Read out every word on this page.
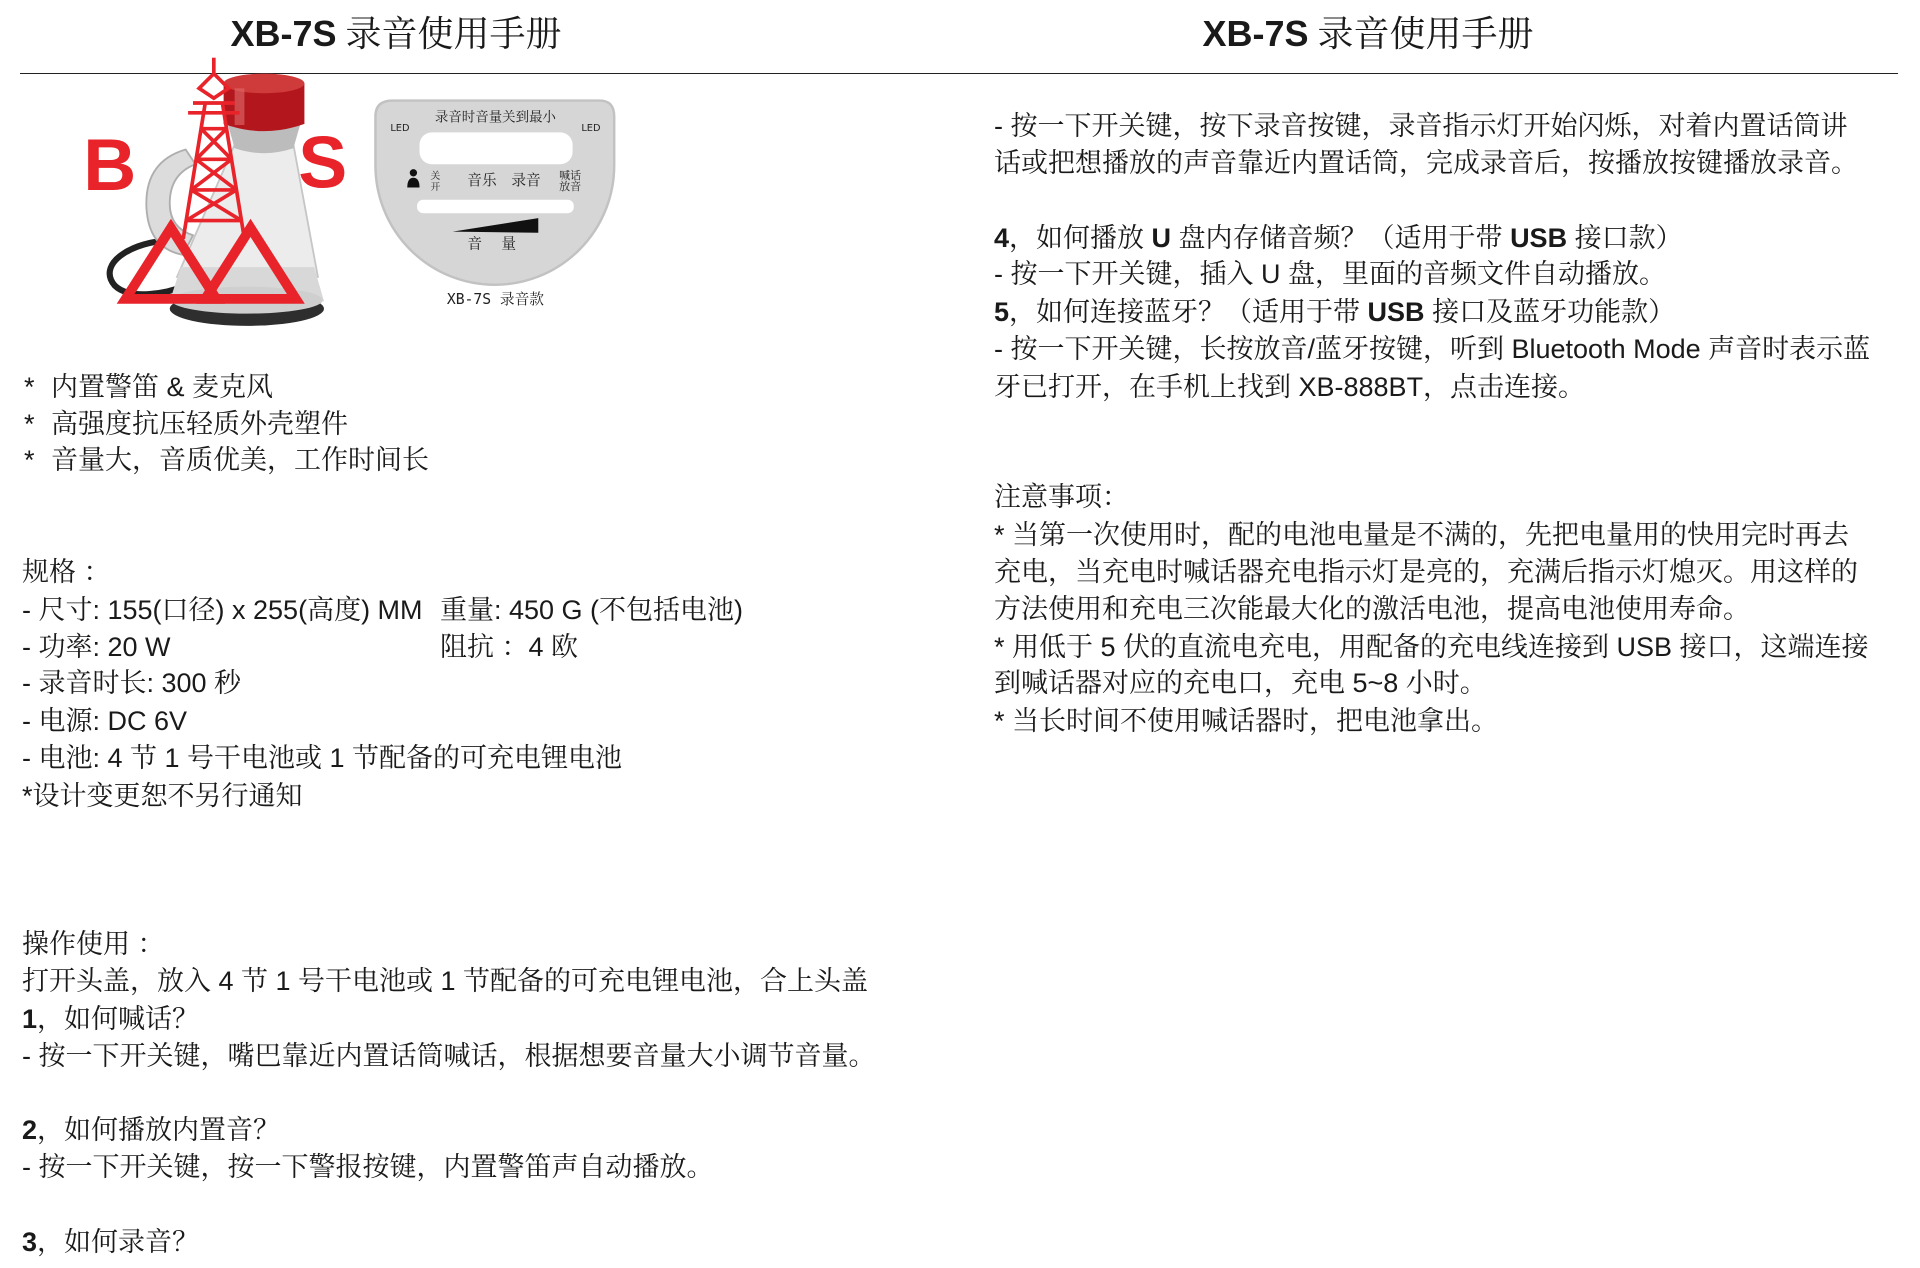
XB-7S 录音使用手册	XB-7S 录音使用手册
B	S
录音时音量关到最小
LED	LED
关
开 音乐 录音 喊话
放音
音 量
XB-7S 录音款
* 内置警笛 & 麦克风
* 高强度抗压轻质外壳塑件
* 音量大，音质优美，工作时间长
规格 ：
- 尺寸: 155(口径) x 255(高度) MM 重量: 450 G (不包括电池)
- 功率: 20 W	阻抗 ：4 欧
- 录音时长: 300 秒
- 电源: DC 6V
- 电池: 4 节 1 号干电池或 1 节配备的可充电锂电池
*设计变更恕不另行通知
操作使用 ：
打开头盖，放入 4 节 1 号干电池或 1 节配备的可充电锂电池，合上头盖
1，如何喊话？
- 按一下开关键，嘴巴靠近内置话筒喊话，根据想要音量大小调节音量。
2，如何播放内置音？
- 按一下开关键，按一下警报按键，内置警笛声自动播放。
3，如何录音？
- 按一下开关键，按下录音按键，录音指示灯开始闪烁，对着内置话筒讲
话或把想播放的声音靠近内置话筒，完成录音后，按播放按键播放录音。
4，如何播放 U 盘内存储音频？（适用于带 USB 接口款）
- 按一下开关键，插入 U 盘，里面的音频文件自动播放。
5，如何连接蓝牙？（适用于带 USB 接口及蓝牙功能款）
- 按一下开关键，长按放音/蓝牙按键，听到 Bluetooth Mode 声音时表示蓝
牙已打开，在手机上找到 XB-888BT，点击连接。
注意事项：
* 当第一次使用时，配的电池电量是不满的，先把电量用的快用完时再去
充电，当充电时喊话器充电指示灯是亮的，充满后指示灯熄灭。用这样的
方法使用和充电三次能最大化的激活电池，提高电池使用寿命。
* 用低于 5 伏的直流电充电，用配备的充电线连接到 USB 接口，这端连接
到喊话器对应的充电口，充电 5~8 小时。
* 当长时间不使用喊话器时，把电池拿出。
